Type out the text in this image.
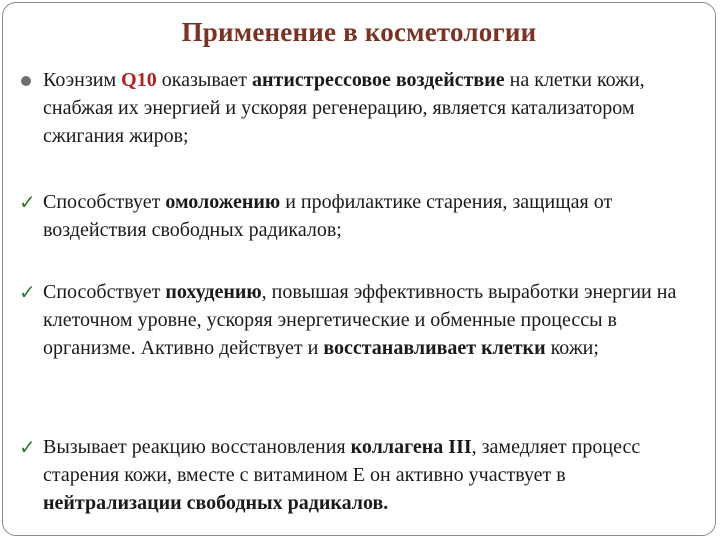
Применение в косметологии
Коэнзим Q10 оказывает антистрессовое воздействие на клетки кожи, снабжая их энергией и ускоряя регенерацию, является катализатором сжигания жиров;
✓ Способствует омоложению и профилактике старения, защищая от воздействия свободных радикалов;
✓ Способствует похудению, повышая эффективность выработки энергии на клеточном уровне, ускоряя энергетические и обменные процессы в организме. Активно действует и восстанавливает клетки кожи;
✓ Вызывает реакцию восстановления коллагена III, замедляет процесс старения кожи, вместе с витамином Е он активно участвует в нейтрализации свободных радикалов.
